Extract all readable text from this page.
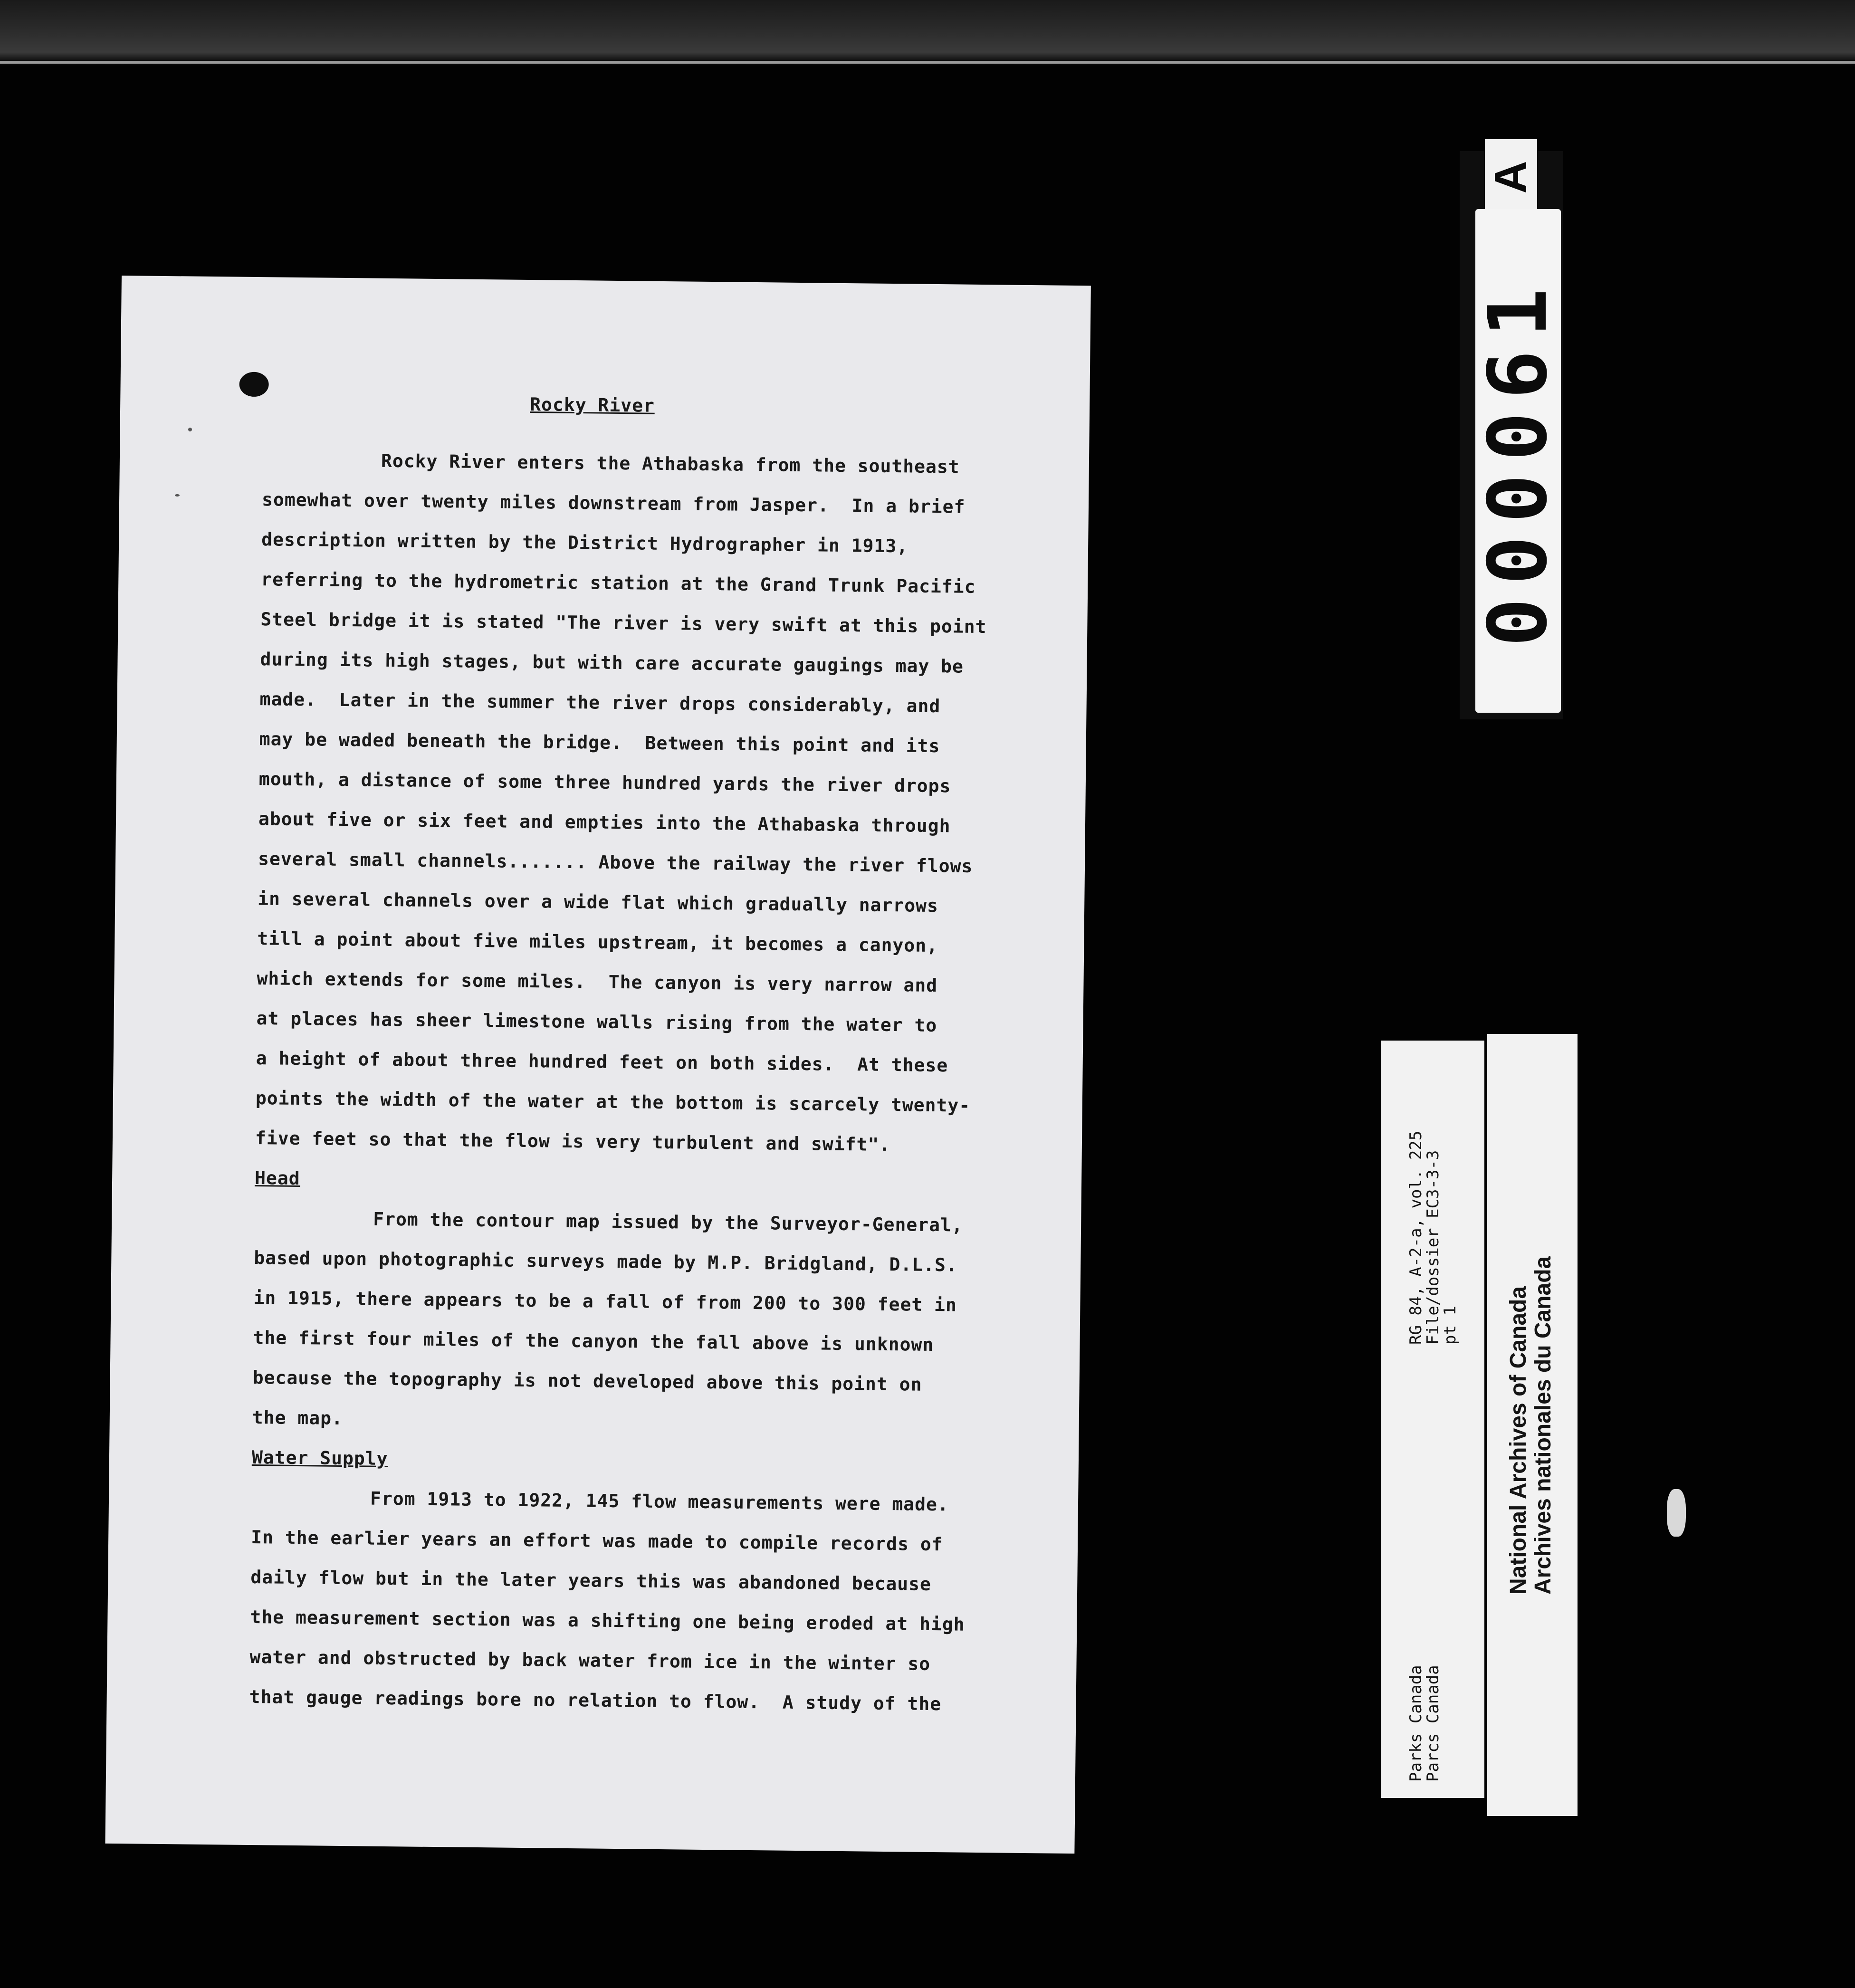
Rocky River
Rocky River enters the Athabaska from the southeast
somewhat over twenty miles downstream from Jasper.  In a brief
description written by the District Hydrographer in 1913,
referring to the hydrometric station at the Grand Trunk Pacific
Steel bridge it is stated "The river is very swift at this point
during its high stages, but with care accurate gaugings may be
made.  Later in the summer the river drops considerably, and
may be waded beneath the bridge.  Between this point and its
mouth, a distance of some three hundred yards the river drops
about five or six feet and empties into the Athabaska through
several small channels....... Above the railway the river flows
in several channels over a wide flat which gradually narrows
till a point about five miles upstream, it becomes a canyon,
which extends for some miles.  The canyon is very narrow and
at places has sheer limestone walls rising from the water to
a height of about three hundred feet on both sides.  At these
points the width of the water at the bottom is scarcely twenty-
five feet so that the flow is very turbulent and swift".
Head
From the contour map issued by the Surveyor-General,
based upon photographic surveys made by M.P. Bridgland, D.L.S.
in 1915, there appears to be a fall of from 200 to 300 feet in
the first four miles of the canyon the fall above is unknown
because the topography is not developed above this point on
the map.
Water Supply
From 1913 to 1922, 145 flow measurements were made.
In the earlier years an effort was made to compile records of
daily flow but in the later years this was abandoned because
the measurement section was a shifting one being eroded at high
water and obstructed by back water from ice in the winter so
that gauge readings bore no relation to flow.  A study of the
A
000061
RG 84, A-2-a, vol. 225
File/dossier EC3-3-3
pt 1
Parks Canada
Parcs Canada
National Archives of Canada Archives nationales du Canada
